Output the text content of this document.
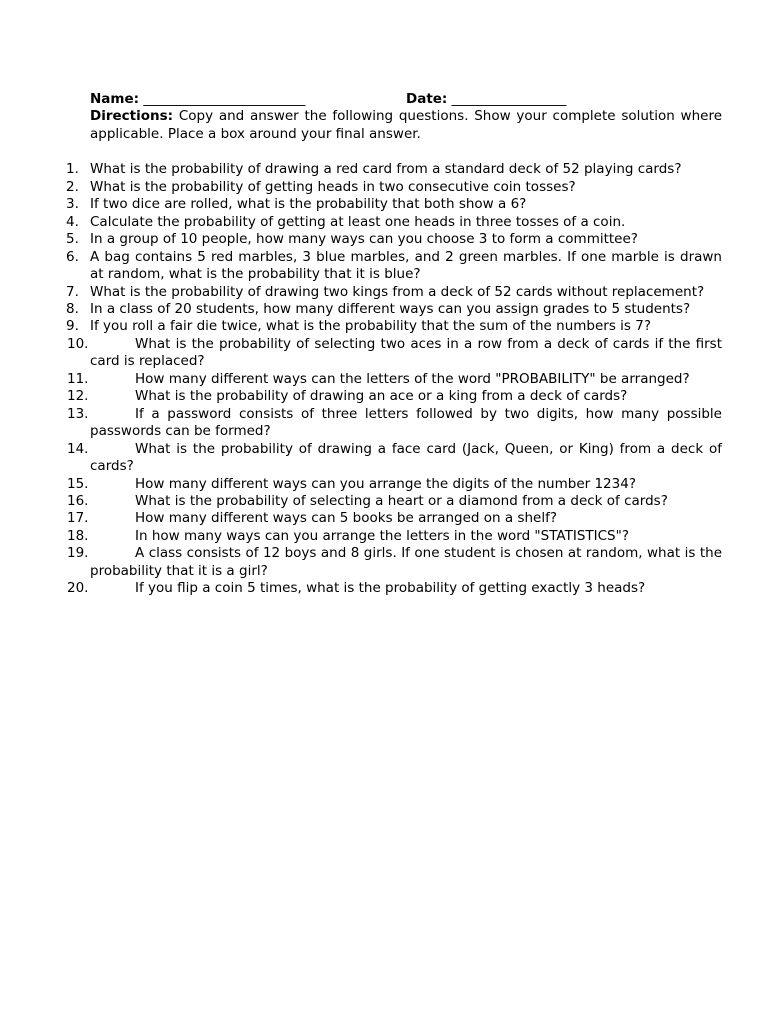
Name: ________________________	Date: _________________

Directions: Copy and answer the following questions. Show your complete solution where applicable. Place a box around your final answer.

1. What is the probability of drawing a red card from a standard deck of 52 playing cards?
2. What is the probability of getting heads in two consecutive coin tosses?
3. If two dice are rolled, what is the probability that both show a 6?
4. Calculate the probability of getting at least one heads in three tosses of a coin.
5. In a group of 10 people, how many ways can you choose 3 to form a committee?
6. A bag contains 5 red marbles, 3 blue marbles, and 2 green marbles. If one marble is drawn at random, what is the probability that it is blue?
7. What is the probability of drawing two kings from a deck of 52 cards without replacement?
8. In a class of 20 students, how many different ways can you assign grades to 5 students?
9. If you roll a fair die twice, what is the probability that the sum of the numbers is 7?
10.	What is the probability of selecting two aces in a row from a deck of cards if the first card is replaced?
11.	How many different ways can the letters of the word "PROBABILITY" be arranged?
12.	What is the probability of drawing an ace or a king from a deck of cards?
13.	If a password consists of three letters followed by two digits, how many possible passwords can be formed?
14.	What is the probability of drawing a face card (Jack, Queen, or King) from a deck of cards?
15.	How many different ways can you arrange the digits of the number 1234?
16.	What is the probability of selecting a heart or a diamond from a deck of cards?
17.	How many different ways can 5 books be arranged on a shelf?
18.	In how many ways can you arrange the letters in the word "STATISTICS"?
19.	A class consists of 12 boys and 8 girls. If one student is chosen at random, what is the probability that it is a girl?
20.	If you flip a coin 5 times, what is the probability of getting exactly 3 heads?
